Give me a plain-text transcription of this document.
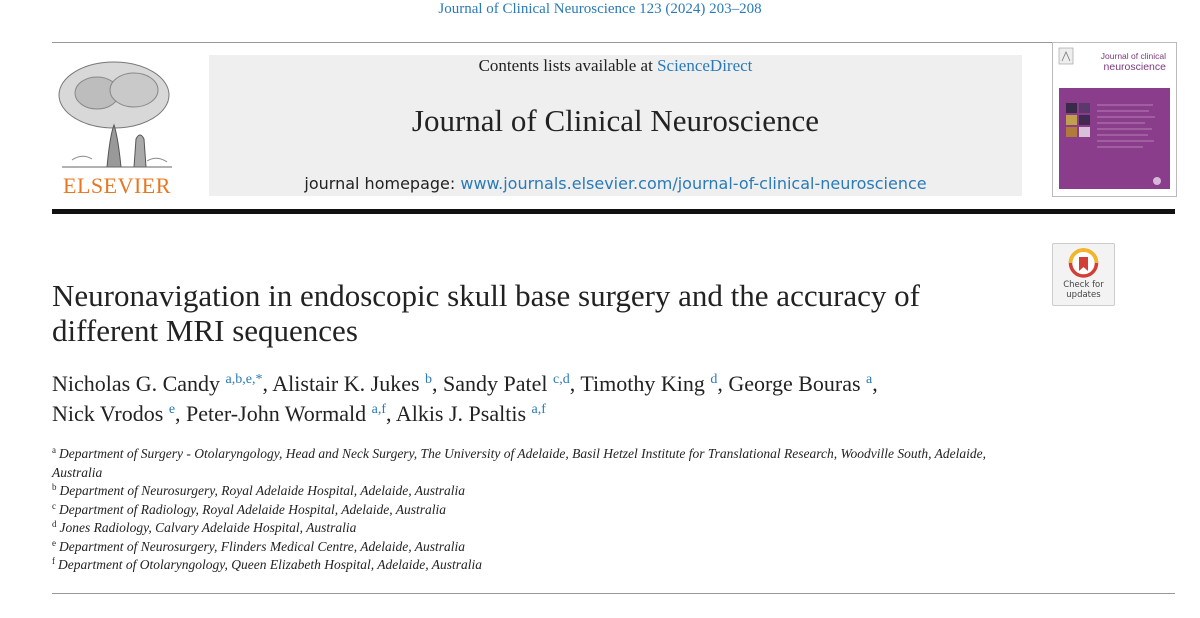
Journal of Clinical Neuroscience 123 (2024) 203–208
ELSEVIER
Contents lists available at ScienceDirect
Journal of Clinical Neuroscience
journal homepage: www.journals.elsevier.com/journal-of-clinical-neuroscience
Journal of clinical
neuroscience
Check for
updates
Neuronavigation in endoscopic skull base surgery and the accuracy of different MRI sequences
Nicholas G. Candy $^{a,b,e,*}$, Alistair K. Jukes $^b$, Sandy Patel $^{c,d}$, Timothy King $^d$, George Bouras $^a$,
Nick Vrodos $^e$, Peter-John Wormald $^{a,f}$, Alkis J. Psaltis $^{a,f}$
$^a$ Department of Surgery - Otolaryngology, Head and Neck Surgery, The University of Adelaide, Basil Hetzel Institute for Translational Research, Woodville South, Adelaide, Australia
$^b$ Department of Neurosurgery, Royal Adelaide Hospital, Adelaide, Australia
$^c$ Department of Radiology, Royal Adelaide Hospital, Adelaide, Australia
$^d$ Jones Radiology, Calvary Adelaide Hospital, Australia
$^e$ Department of Neurosurgery, Flinders Medical Centre, Adelaide, Australia
$^f$ Department of Otolaryngology, Queen Elizabeth Hospital, Adelaide, Australia
